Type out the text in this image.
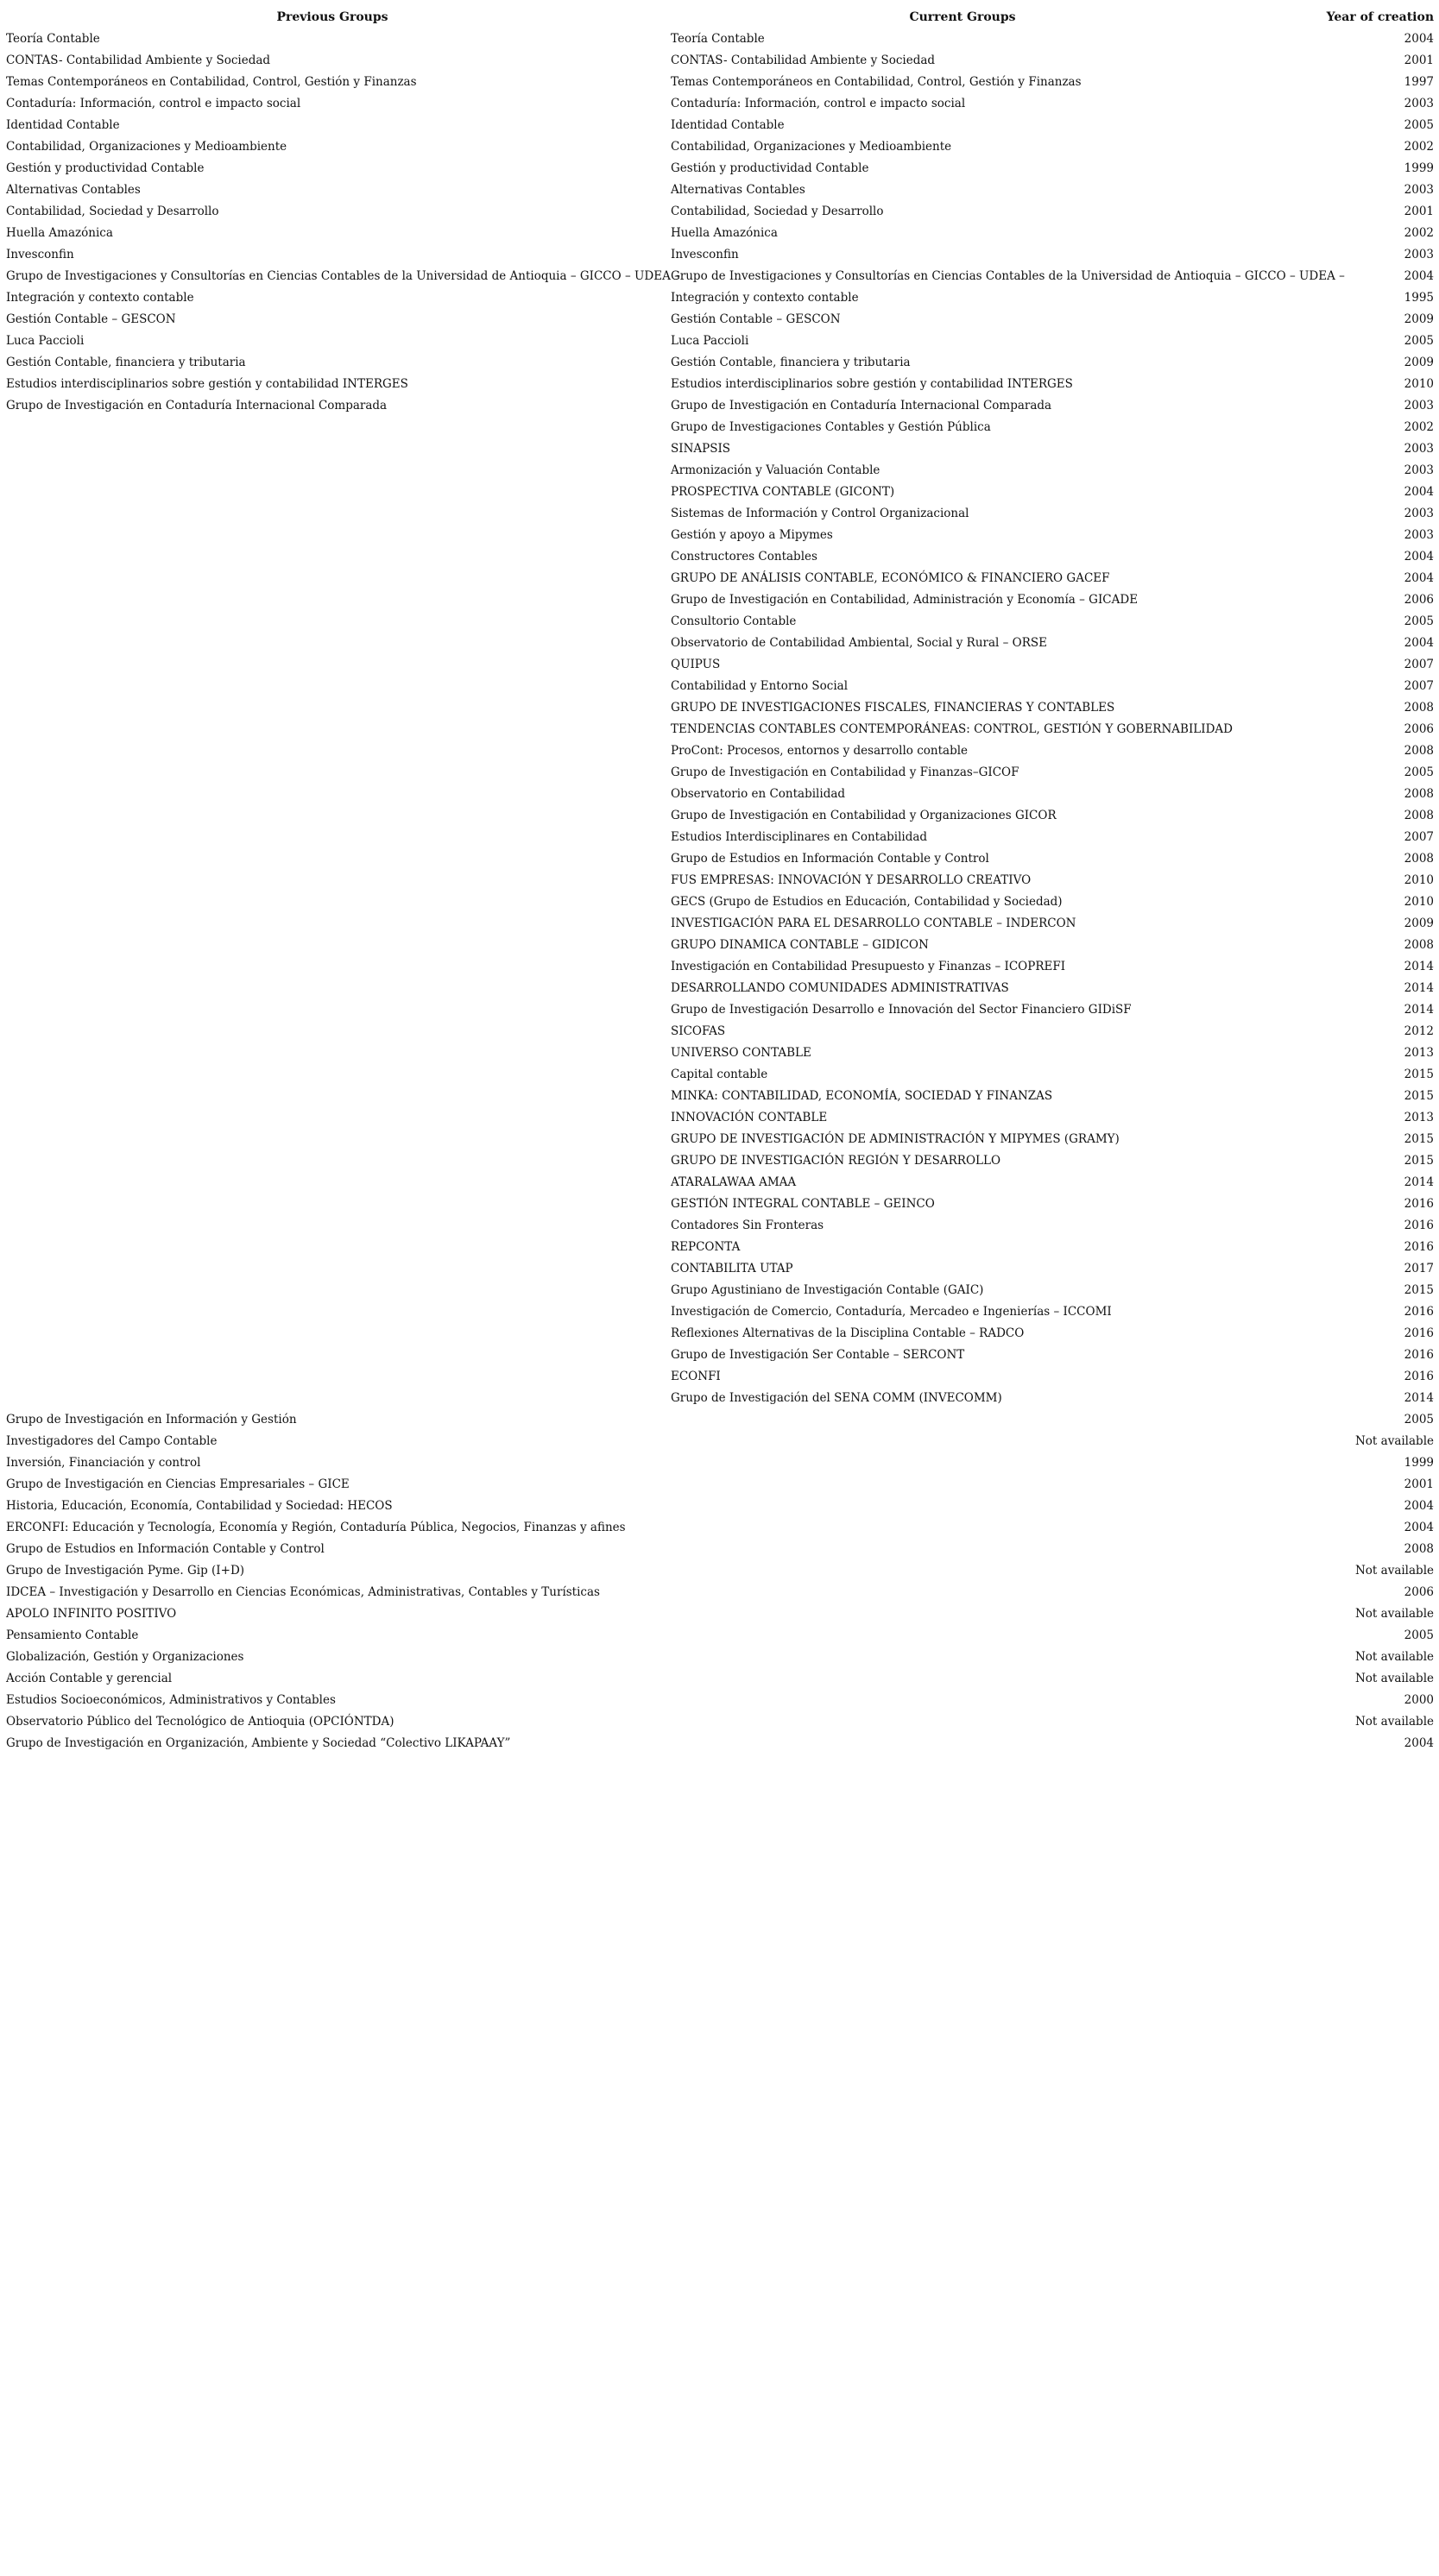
Previous Groups	Current Groups	Year of creation
Teoría Contable	Teoría Contable	2004
CONTAS- Contabilidad Ambiente y Sociedad	CONTAS- Contabilidad Ambiente y Sociedad	2001
Temas Contemporáneos en Contabilidad, Control, Gestión y Finanzas	Temas Contemporáneos en Contabilidad, Control, Gestión y Finanzas	1997
Contaduría: Información, control e impacto social	Contaduría: Información, control e impacto social	2003
Identidad Contable	Identidad Contable	2005
Contabilidad, Organizaciones y Medioambiente	Contabilidad, Organizaciones y Medioambiente	2002
Gestión y productividad Contable	Gestión y productividad Contable	1999
Alternativas Contables	Alternativas Contables	2003
Contabilidad, Sociedad y Desarrollo	Contabilidad, Sociedad y Desarrollo	2001
Huella Amazónica	Huella Amazónica	2002
Invesconfin	Invesconfin	2003
Grupo de Investigaciones y Consultorías en Ciencias Contables de la Universidad de Antioquia – GICCO – UDEA –	Grupo de Investigaciones y Consultorías en Ciencias Contables de la Universidad de Antioquia – GICCO – UDEA –	2004
Integración y contexto contable	Integración y contexto contable	1995
Gestión Contable – GESCON	Gestión Contable – GESCON	2009
Luca Paccioli	Luca Paccioli	2005
Gestión Contable, financiera y tributaria	Gestión Contable, financiera y tributaria	2009
Estudios interdisciplinarios sobre gestión y contabilidad INTERGES	Estudios interdisciplinarios sobre gestión y contabilidad INTERGES	2010
Grupo de Investigación en Contaduría Internacional Comparada	Grupo de Investigación en Contaduría Internacional Comparada	2003
	Grupo de Investigaciones Contables y Gestión Pública	2002
	SINAPSIS	2003
	Armonización y Valuación Contable	2003
	PROSPECTIVA CONTABLE (GICONT)	2004
	Sistemas de Información y Control Organizacional	2003
	Gestión y apoyo a Mipymes	2003
	Constructores Contables	2004
	GRUPO DE ANÁLISIS CONTABLE, ECONÓMICO & FINANCIERO GACEF	2004
	Grupo de Investigación en Contabilidad, Administración y Economía – GICADE	2006
	Consultorio Contable	2005
	Observatorio de Contabilidad Ambiental, Social y Rural – ORSE	2004
	QUIPUS	2007
	Contabilidad y Entorno Social	2007
	GRUPO DE INVESTIGACIONES FISCALES, FINANCIERAS Y CONTABLES	2008
	TENDENCIAS CONTABLES CONTEMPORÁNEAS: CONTROL, GESTIÓN Y GOBERNABILIDAD	2006
	ProCont: Procesos, entornos y desarrollo contable	2008
	Grupo de Investigación en Contabilidad y Finanzas–GICOF	2005
	Observatorio en Contabilidad	2008
	Grupo de Investigación en Contabilidad y Organizaciones GICOR	2008
	Estudios Interdisciplinares en Contabilidad	2007
	Grupo de Estudios en Información Contable y Control	2008
	FUS EMPRESAS: INNOVACIÓN Y DESARROLLO CREATIVO	2010
	GECS (Grupo de Estudios en Educación, Contabilidad y Sociedad)	2010
	INVESTIGACIÓN PARA EL DESARROLLO CONTABLE – INDERCON	2009
	GRUPO DINAMICA CONTABLE – GIDICON	2008
	Investigación en Contabilidad Presupuesto y Finanzas – ICOPREFI	2014
	DESARROLLANDO COMUNIDADES ADMINISTRATIVAS	2014
	Grupo de Investigación Desarrollo e Innovación del Sector Financiero GIDiSF	2014
	SICOFAS	2012
	UNIVERSO CONTABLE	2013
	Capital contable	2015
	MINKA: CONTABILIDAD, ECONOMÍA, SOCIEDAD Y FINANZAS	2015
	INNOVACIÓN CONTABLE	2013
	GRUPO DE INVESTIGACIÓN DE ADMINISTRACIÓN Y MIPYMES (GRAMY)	2015
	GRUPO DE INVESTIGACIÓN REGIÓN Y DESARROLLO	2015
	ATARALAWAA AMAA	2014
	GESTIÓN INTEGRAL CONTABLE – GEINCO	2016
	Contadores Sin Fronteras	2016
	REPCONTA	2016
	CONTABILITA UTAP	2017
	Grupo Agustiniano de Investigación Contable (GAIC)	2015
	Investigación de Comercio, Contaduría, Mercadeo e Ingenierías – ICCOMI	2016
	Reflexiones Alternativas de la Disciplina Contable – RADCO	2016
	Grupo de Investigación Ser Contable – SERCONT	2016
	ECONFI	2016
	Grupo de Investigación del SENA COMM (INVECOMM)	2014
Grupo de Investigación en Información y Gestión		2005
Investigadores del Campo Contable		Not available
Inversión, Financiación y control		1999
Grupo de Investigación en Ciencias Empresariales – GICE		2001
Historia, Educación, Economía, Contabilidad y Sociedad: HECOS		2004
ERCONFI: Educación y Tecnología, Economía y Región, Contaduría Pública, Negocios, Finanzas y afines		2004
Grupo de Estudios en Información Contable y Control		2008
Grupo de Investigación Pyme. Gip (I+D)		Not available
IDCEA – Investigación y Desarrollo en Ciencias Económicas, Administrativas, Contables y Turísticas		2006
APOLO INFINITO POSITIVO		Not available
Pensamiento Contable		2005
Globalización, Gestión y Organizaciones		Not available
Acción Contable y gerencial		Not available
Estudios Socioeconómicos, Administrativos y Contables		2000
Observatorio Público del Tecnológico de Antioquia (OPCIÓNTDA)		Not available
Grupo de Investigación en Organización, Ambiente y Sociedad “Colectivo LIKAPAAY”		2004
